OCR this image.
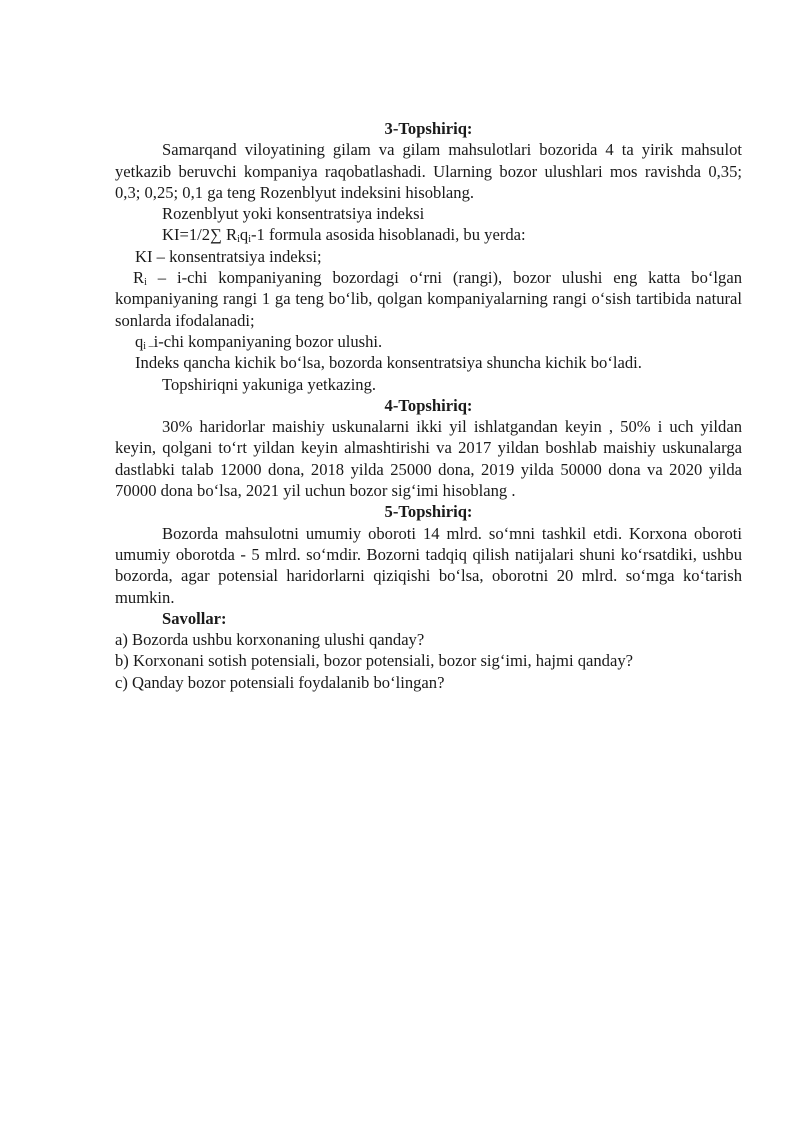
3-Topshiriq:

Samarqand viloyatining gilam va gilam mahsulotlari bozorida 4 ta yirik mahsulot yetkazib beruvchi kompaniya raqobatlashadi. Ularning bozor ulushlari mos ravishda 0,35; 0,3; 0,25; 0,1 ga teng Rozenblyut indeksini hisoblang.

Rozenblyut yoki konsentratsiya indeksi

KI=1/2∑ $R_iq_i-1$ formula asosida hisoblanadi, bu yerda:

KI – konsentratsiya indeksi;

$R_i - i-chi$ kompaniyaning bozordagi o‘rni (rangi), bozor ulushi eng katta bo‘lgan kompaniyaning rangi 1 ga teng bo‘lib, qolgan kompaniyalarning rangi o‘sish tartibida natural sonlarda ifodalanadi;

$q_{i -}i$-chi kompaniyaning bozor ulushi.

Indeks qancha kichik bo‘lsa, bozorda konsentratsiya shuncha kichik bo‘ladi.

Topshiriqni yakuniga yetkazing.

4-Topshiriq:

30% haridorlar maishiy uskunalarni ikki yil ishlatgandan keyin , 50% i uch yildan keyin, qolgani to‘rt yildan keyin almashtirishi va 2017 yildan boshlab maishiy uskunalarga dastlabki talab 12000 dona, 2018 yilda 25000 dona, 2019 yilda 50000 dona va 2020 yilda 70000 dona bo‘lsa, 2021 yil uchun bozor sig‘imi hisoblang .

5-Topshiriq:

Bozorda mahsulotni umumiy oboroti 14 mlrd. so‘mni tashkil etdi. Korxona oboroti umumiy oborotda - 5 mlrd. so‘mdir. Bozorni tadqiq qilish natijalari shuni ko‘rsatdiki, ushbu bozorda, agar potensial haridorlarni qiziqishi bo‘lsa, oborotni 20 mlrd. so‘mga ko‘tarish mumkin.

Savollar:

a) Bozorda ushbu korxonaning ulushi qanday?

b) Korxonani sotish potensiali, bozor potensiali, bozor sig‘imi, hajmi qanday?

c) Qanday bozor potensiali foydalanib bo‘lingan?
